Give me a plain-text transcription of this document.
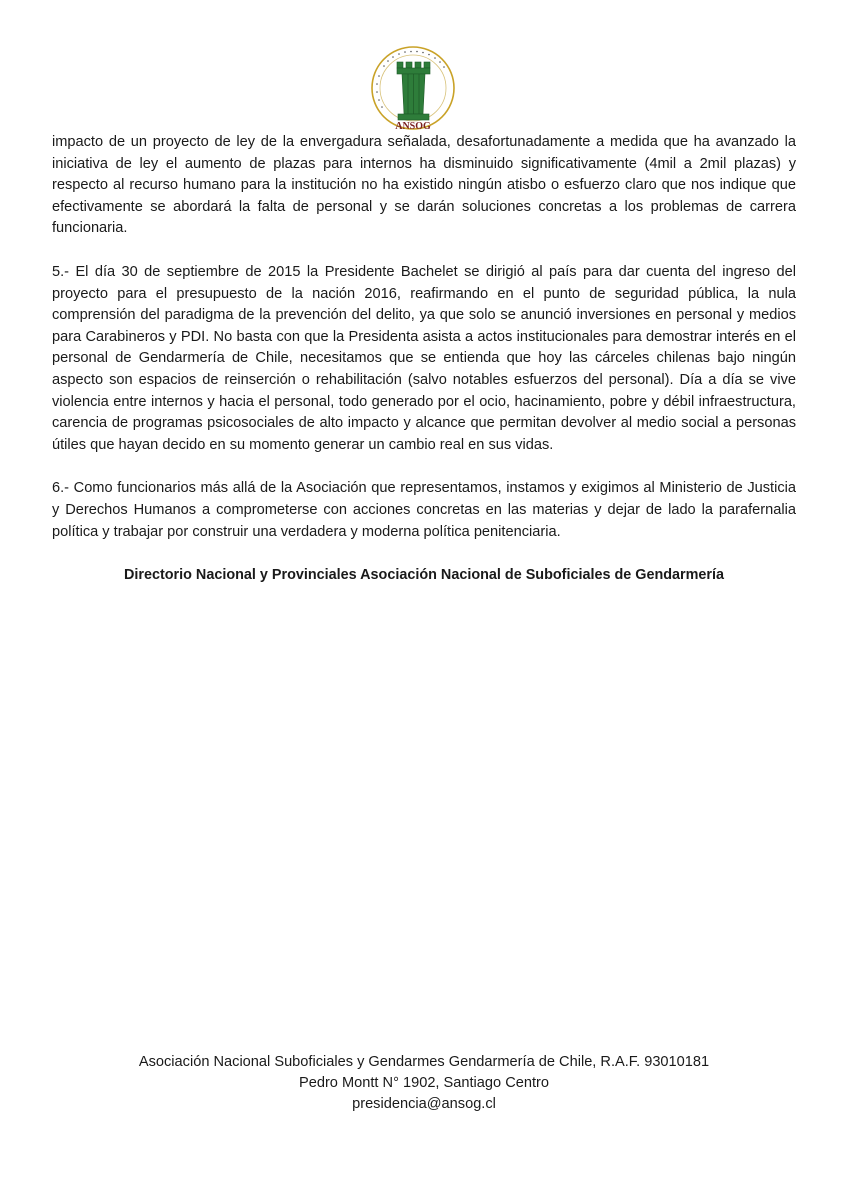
ANSOG

impacto de un proyecto de ley de la envergadura señalada, desafortunadamente a medida que ha avanzado la iniciativa de ley el aumento de plazas para internos ha disminuido significativamente (4mil a 2mil plazas) y respecto al recurso humano para la institución no ha existido ningún atisbo o esfuerzo claro que nos indique que efectivamente se abordará la falta de personal y se darán soluciones concretas a los problemas de carrera funcionaria.

5.- El día 30 de septiembre de 2015 la Presidente Bachelet se dirigió al país para dar cuenta del ingreso del proyecto para el presupuesto de la nación 2016, reafirmando en el punto de seguridad pública, la nula comprensión del paradigma de la prevención del delito, ya que solo se anunció inversiones en personal y medios para Carabineros y PDI. No basta con que la Presidenta asista a actos institucionales para demostrar interés en el personal de Gendarmería de Chile, necesitamos que se entienda que hoy las cárceles chilenas bajo ningún aspecto son espacios de reinserción o rehabilitación (salvo notables esfuerzos del personal). Día a día se vive violencia entre internos y hacia el personal, todo generado por el ocio, hacinamiento, pobre y débil infraestructura, carencia de programas psicosociales de alto impacto y alcance que permitan devolver al medio social a personas útiles que hayan decido en su momento generar un cambio real en sus vidas.

6.- Como funcionarios más allá de la Asociación que representamos, instamos y exigimos al Ministerio de Justicia y Derechos Humanos a comprometerse con acciones concretas en las materias y dejar de lado la parafernalia política y trabajar por construir una verdadera y moderna política penitenciaria.

Directorio Nacional y Provinciales Asociación Nacional de Suboficiales de Gendarmería
Asociación Nacional Suboficiales y Gendarmes Gendarmería de Chile, R.A.F. 93010181
Pedro Montt N° 1902, Santiago Centro
presidencia@ansog.cl
